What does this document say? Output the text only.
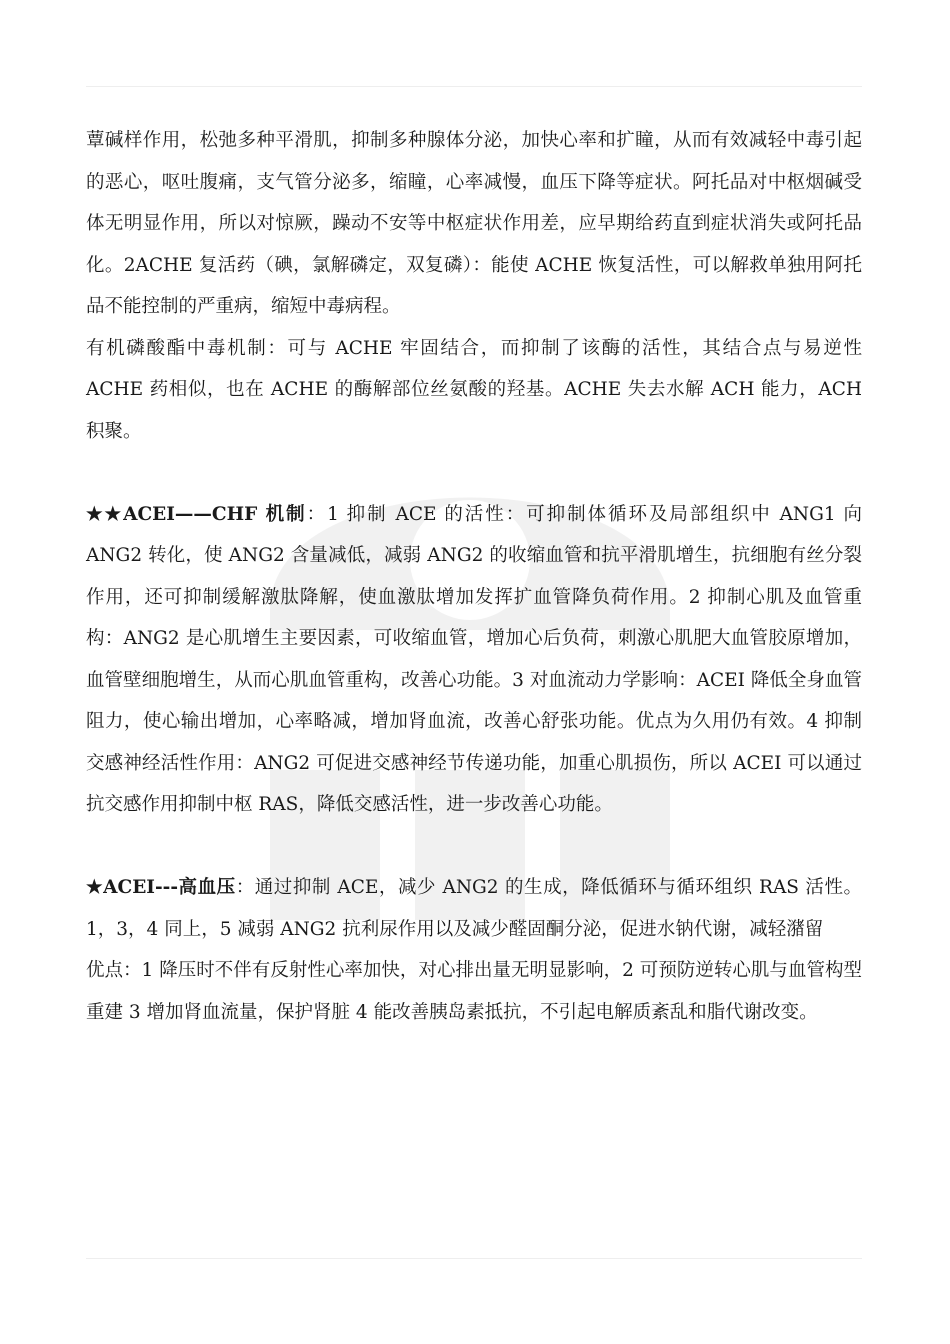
蕈碱样作用，松弛多种平滑肌，抑制多种腺体分泌，加快心率和扩瞳，从而有效减轻中毒引起的恶心，呕吐腹痛，支气管分泌多，缩瞳，心率减慢，血压下降等症状。阿托品对中枢烟碱受体无明显作用，所以对惊厥，躁动不安等中枢症状作用差，应早期给药直到症状消失或阿托品化。2ACHE 复活药（碘，氯解磷定，双复磷）：能使 ACHE 恢复活性，可以解救单独用阿托品不能控制的严重病，缩短中毒病程。

有机磷酸酯中毒机制：可与 ACHE 牢固结合，而抑制了该酶的活性，其结合点与易逆性 ACHE 药相似，也在 ACHE 的酶解部位丝氨酸的羟基。ACHE 失去水解 ACH 能力，ACH 积聚。

★★ACEI——CHF 机制：1 抑制 ACE 的活性：可抑制体循环及局部组织中 ANG1 向 ANG2 转化，使 ANG2 含量减低，减弱 ANG2 的收缩血管和抗平滑肌增生，抗细胞有丝分裂作用，还可抑制缓解激肽降解，使血激肽增加发挥扩血管降负荷作用。2 抑制心肌及血管重构：ANG2 是心肌增生主要因素，可收缩血管，增加心后负荷，刺激心肌肥大血管胶原增加，血管壁细胞增生，从而心肌血管重构，改善心功能。3 对血流动力学影响：ACEI 降低全身血管阻力，使心输出增加，心率略减，增加肾血流，改善心舒张功能。优点为久用仍有效。4 抑制交感神经活性作用：ANG2 可促进交感神经节传递功能，加重心肌损伤，所以 ACEI 可以通过抗交感作用抑制中枢 RAS，降低交感活性，进一步改善心功能。

★ACEI---高血压：通过抑制 ACE，减少 ANG2 的生成，降低循环与循环组织 RAS 活性。1，3，4 同上，5 减弱 ANG2 抗利尿作用以及减少醛固酮分泌，促进水钠代谢，减轻潴留

优点：1 降压时不伴有反射性心率加快，对心排出量无明显影响，2 可预防逆转心肌与血管构型重建 3 增加肾血流量，保护肾脏 4 能改善胰岛素抵抗，不引起电解质紊乱和脂代谢改变。
